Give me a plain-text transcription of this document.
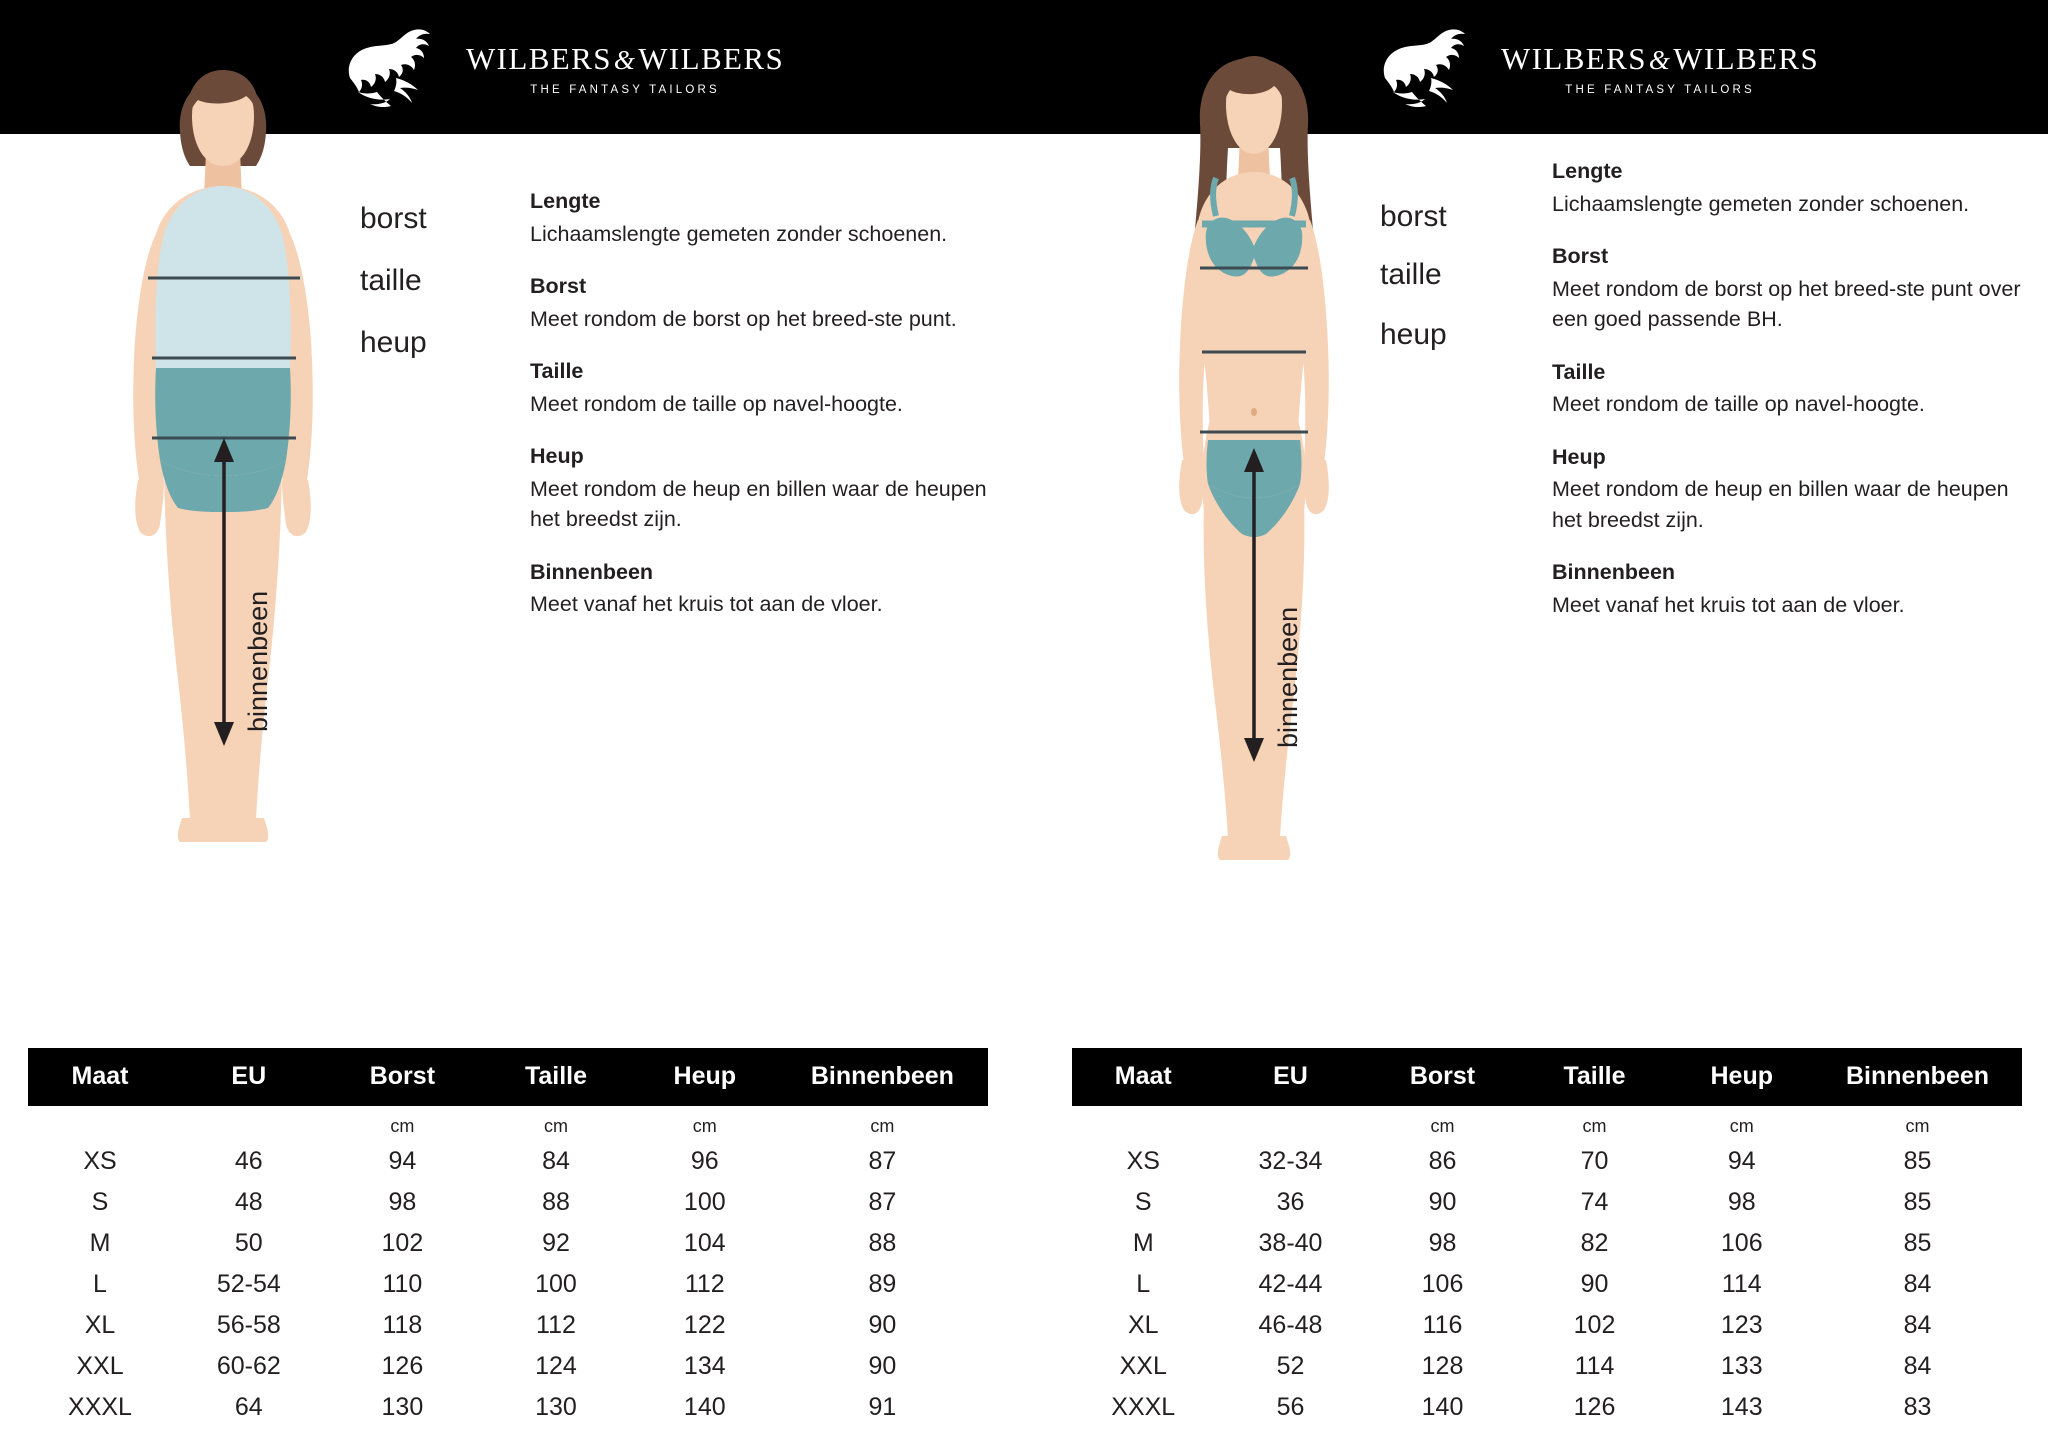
WILBERS&WILBERS
THE FANTASY TAILORS
WILBERS&WILBERS
THE FANTASY TAILORS
borst
taille
heup
binnenbeen
borst
taille
heup
binnenbeen
Lengte

Lichaamslengte gemeten zonder schoenen.

Borst

Meet rondom de borst op het breed-ste punt.

Taille

Meet rondom de taille op navel-hoogte.

Heup

Meet rondom de heup en billen waar de heupen het breedst zijn.

Binnenbeen

Meet vanaf het kruis tot aan de vloer.

Lengte

Lichaamslengte gemeten zonder schoenen.

Borst

Meet rondom de borst op het breed-ste punt over een goed passende BH.

Taille

Meet rondom de taille op navel-hoogte.

Heup

Meet rondom de heup en billen waar de heupen het breedst zijn.

Binnenbeen

Meet vanaf het kruis tot aan de vloer.

Maat	EU	Borst	Taille	Heup	Binnenbeen
		cm	cm	cm	cm
XS	46	94	84	96	87
S	48	98	88	100	87
M	50	102	92	104	88
L	52-54	110	100	112	89
XL	56-58	118	112	122	90
XXL	60-62	126	124	134	90
XXXL	64	130	130	140	91
Maat	EU	Borst	Taille	Heup	Binnenbeen
		cm	cm	cm	cm
XS	32-34	86	70	94	85
S	36	90	74	98	85
M	38-40	98	82	106	85
L	42-44	106	90	114	84
XL	46-48	116	102	123	84
XXL	52	128	114	133	84
XXXL	56	140	126	143	83
